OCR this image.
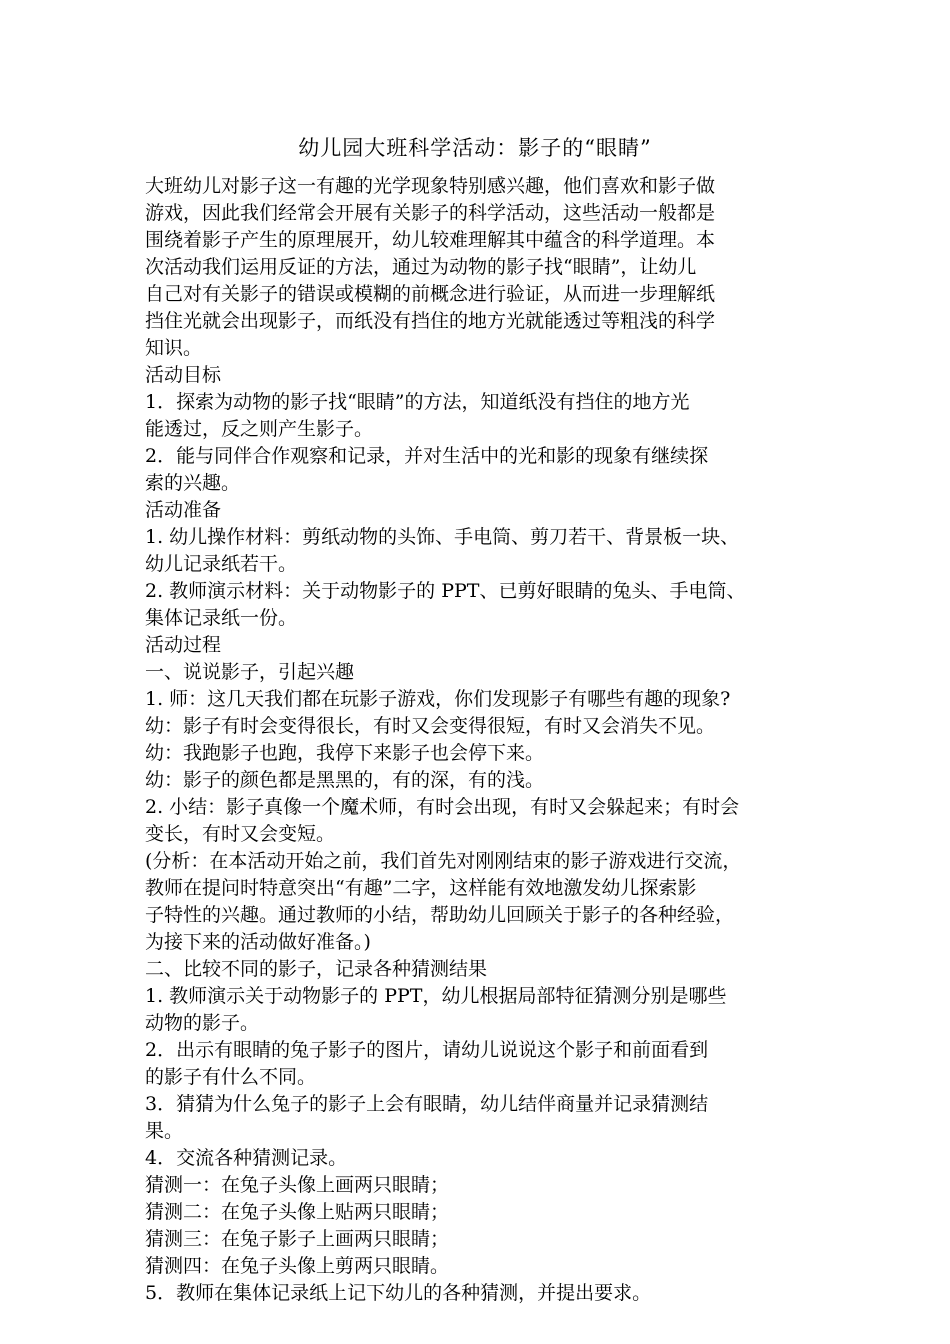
幼儿园大班科学活动：影子的“眼睛”

大班幼儿对影子这一有趣的光学现象特别感兴趣，他们喜欢和影子做

游戏，因此我们经常会开展有关影子的科学活动，这些活动一般都是

围绕着影子产生的原理展开，幼儿较难理解其中蕴含的科学道理。本

次活动我们运用反证的方法，通过为动物的影子找“眼睛”，让幼儿

自己对有关影子的错误或模糊的前概念进行验证，从而进一步理解纸

挡住光就会出现影子，而纸没有挡住的地方光就能透过等粗浅的科学

知识。

活动目标

1．探索为动物的影子找“眼睛”的方法，知道纸没有挡住的地方光

能透过，反之则产生影子。

2．能与同伴合作观察和记录，并对生活中的光和影的现象有继续探

索的兴趣。

活动准备

1. 幼儿操作材料：剪纸动物的头饰、手电筒、剪刀若干、背景板一块、

幼儿记录纸若干。

2. 教师演示材料：关于动物影子的 PPT、已剪好眼睛的兔头、手电筒、

集体记录纸一份。

活动过程

一、说说影子，引起兴趣

1. 师：这几天我们都在玩影子游戏，你们发现影子有哪些有趣的现象?

幼：影子有时会变得很长，有时又会变得很短，有时又会消失不见。

幼：我跑影子也跑，我停下来影子也会停下来。

幼：影子的颜色都是黑黑的，有的深，有的浅。

2. 小结：影子真像一个魔术师，有时会出现，有时又会躲起来；有时会

变长，有时又会变短。

(分析：在本活动开始之前，我们首先对刚刚结束的影子游戏进行交流，

教师在提问时特意突出“有趣”二字，这样能有效地激发幼儿探索影

子特性的兴趣。通过教师的小结，帮助幼儿回顾关于影子的各种经验，

为接下来的活动做好准备。)

二、比较不同的影子，记录各种猜测结果

1. 教师演示关于动物影子的 PPT，幼儿根据局部特征猜测分别是哪些

动物的影子。

2．出示有眼睛的兔子影子的图片，请幼儿说说这个影子和前面看到

的影子有什么不同。

3．猜猜为什么兔子的影子上会有眼睛，幼儿结伴商量并记录猜测结

果。

4．交流各种猜测记录。

猜测一：在兔子头像上画两只眼睛；

猜测二：在兔子头像上贴两只眼睛；

猜测三：在兔子影子上画两只眼睛；

猜测四：在兔子头像上剪两只眼睛。

5．教师在集体记录纸上记下幼儿的各种猜测，并提出要求。
